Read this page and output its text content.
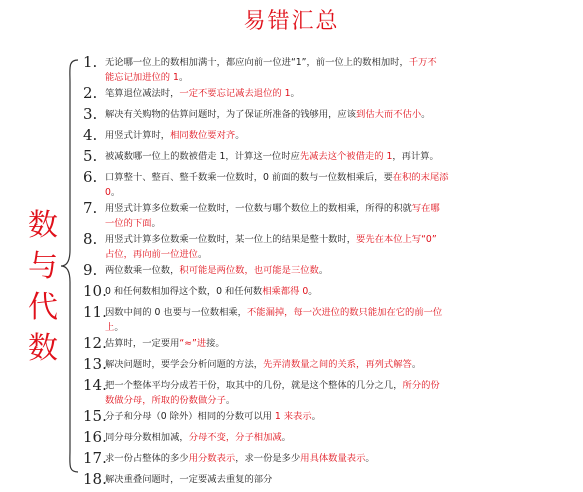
易错汇总
数
与
代
数
1. 无论哪一位上的数相加满十，都应向前一位进“1”，前一位上的数相加时，千万不
能忘记加进位的 1。
2. 笔算退位减法时，一定不要忘记减去退位的 1。
3. 解决有关购物的估算问题时，为了保证所准备的钱够用，应该到估大而不估小。
4. 用竖式计算时，相同数位要对齐。
5. 被减数哪一位上的数被借走 1，计算这一位时应先减去这个被借走的 1，再计算。
6. 口算整十、整百、整千数乘一位数时，0 前面的数与一位数相乘后，要在积的末尾添
0。
7. 用竖式计算多位数乘一位数时，一位数与哪个数位上的数相乘，所得的积就写在哪
一位的下面。
8. 用竖式计算多位数乘一位数时，某一位上的结果是整十数时，要先在本位上写“0”
占位，再向前一位进位。
9. 两位数乘一位数，积可能是两位数，也可能是三位数。
10.
0 和任何数相加得这个数，0 和任何数相乘都得 0。
11.
因数中间的 0 也要与一位数相乘，不能漏掉，每一次进位的数只能加在它的前一位
上。
12.
估算时，一定要用“≈”进接。
13.
解决问题时，要学会分析问题的方法，先弄清数量之间的关系，再列式解答。
14.
把一个整体平均分成若干份，取其中的几份，就是这个整体的几分之几，所分的份
数做分母，所取的份数做分子。
15.
分子和分母（0 除外）相同的分数可以用 1 来表示。
16.
同分母分数相加减，分母不变，分子相加减。
17.
求一份占整体的多少用分数表示，求一份是多少用具体数量表示。
18.
解决重叠问题时，一定要减去重复的部分
